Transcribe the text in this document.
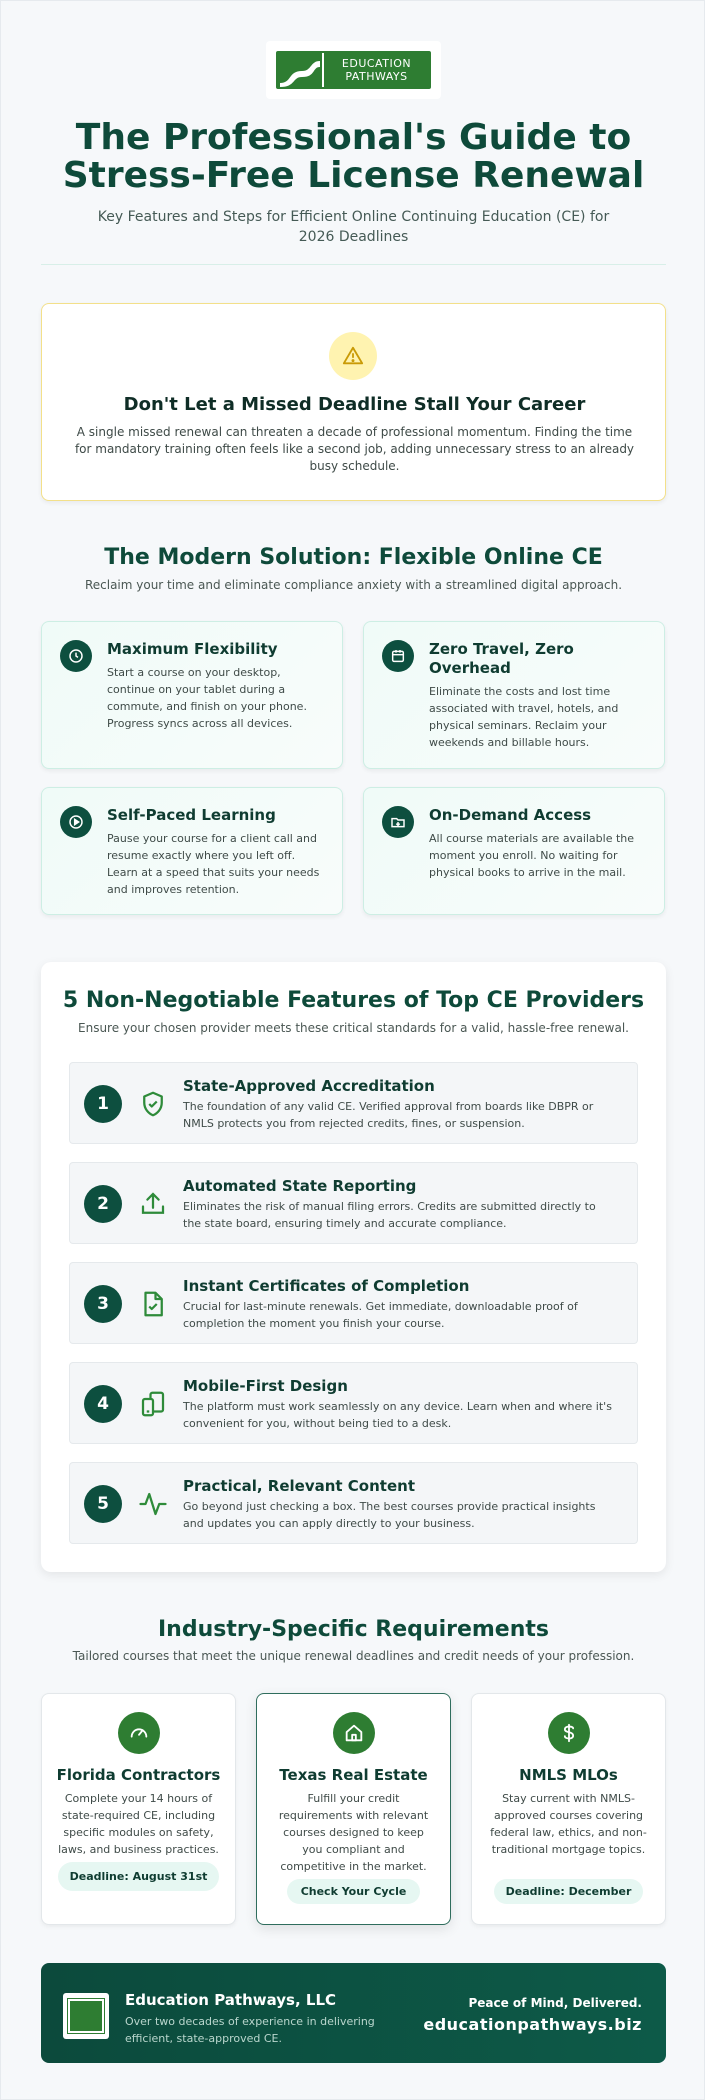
EDUCATION
PATHWAYS
The Professional's Guide to Stress-Free License Renewal

Key Features and Steps for Efficient Online Continuing Education (CE) for 2026 Deadlines

Don't Let a Missed Deadline Stall Your Career

A single missed renewal can threaten a decade of professional momentum. Finding the time for mandatory training often feels like a second job, adding unnecessary stress to an already busy schedule.

The Modern Solution: Flexible Online CE

Reclaim your time and eliminate compliance anxiety with a streamlined digital approach.

Maximum Flexibility
Start a course on your desktop, continue on your tablet during a commute, and finish on your phone. Progress syncs across all devices.
Zero Travel, Zero Overhead
Eliminate the costs and lost time associated with travel, hotels, and physical seminars. Reclaim your weekends and billable hours.
Self-Paced Learning
Pause your course for a client call and resume exactly where you left off. Learn at a speed that suits your needs and improves retention.
On-Demand Access
All course materials are available the moment you enroll. No waiting for physical books to arrive in the mail.
5 Non-Negotiable Features of Top CE Providers

Ensure your chosen provider meets these critical standards for a valid, hassle-free renewal.

1
State-Approved Accreditation
The foundation of any valid CE. Verified approval from boards like DBPR or NMLS protects you from rejected credits, fines, or suspension.
2
Automated State Reporting
Eliminates the risk of manual filing errors. Credits are submitted directly to the state board, ensuring timely and accurate compliance.
3
Instant Certificates of Completion
Crucial for last-minute renewals. Get immediate, downloadable proof of completion the moment you finish your course.
4
Mobile-First Design
The platform must work seamlessly on any device. Learn when and where it's convenient for you, without being tied to a desk.
5
Practical, Relevant Content
Go beyond just checking a box. The best courses provide practical insights and updates you can apply directly to your business.
Industry-Specific Requirements

Tailored courses that meet the unique renewal deadlines and credit needs of your profession.

Florida Contractors
Complete your 14 hours of state-required CE, including specific modules on safety, laws, and business practices.
Deadline: August 31st
Texas Real Estate
Fulfill your credit requirements with relevant courses designed to keep you compliant and competitive in the market.
Check Your Cycle
NMLS MLOs
Stay current with NMLS-approved courses covering federal law, ethics, and non-traditional mortgage topics.
Deadline: December
Education Pathways, LLC
Over two decades of experience in delivering efficient, state-approved CE.
Peace of Mind, Delivered.
educationpathways.biz
